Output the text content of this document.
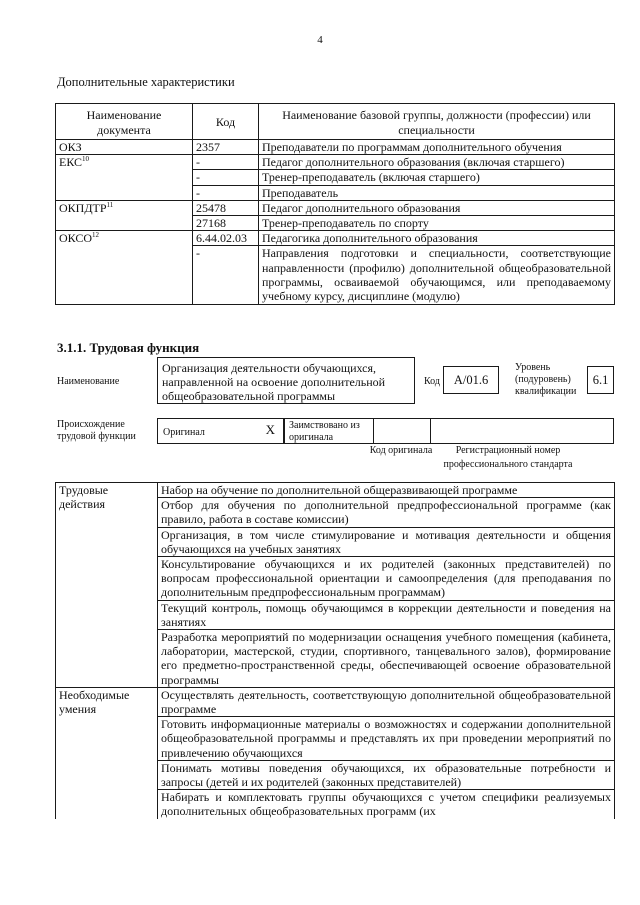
4
Дополнительные характеристики
Наименование документа	Код	Наименование базовой группы, должности (профессии) или специальности
ОКЗ	2357	Преподаватели по программам дополнительного обучения
ЕКС$^{10}$	-	Педагог дополнительного образования (включая старшего)
	-	Тренер-преподаватель (включая старшего)
	-	Преподаватель
ОКПДТР$^{11}$	25478	Педагог дополнительного образования
	27168	Тренер-преподаватель по спорту
ОКСО$^{12}$	6.44.02.03	Педагогика дополнительного образования
	-	Направления подготовки и специальности, соответствующие направленности (профилю) дополнительной общеобразовательной программы, осваиваемой обучающимся, или преподаваемому учебному курсу, дисциплине (модулю)
3.1.1. Трудовая функция
Наименование
Организация деятельности обучающихся, направленной на освоение дополнительной общеобразовательной программы
Код	A/01.6
Уровень (подуровень) квалификации
6.1
Происхождение трудовой функции	Оригинал	X	Заимствовано из оригинала
Код оригинала	Регистрационный номер профессионального стандарта
Трудовые действия	Набор на обучение по дополнительной общеразвивающей программе
	Отбор для обучения по дополнительной предпрофессиональной программе (как правило, работа в составе комиссии)
	Организация, в том числе стимулирование и мотивация деятельности и общения обучающихся на учебных занятиях
	Консультирование обучающихся и их родителей (законных представителей) по вопросам профессиональной ориентации и самоопределения (для преподавания по дополнительным предпрофессиональным программам)
	Текущий контроль, помощь обучающимся в коррекции деятельности и поведения на занятиях
	Разработка мероприятий по модернизации оснащения учебного помещения (кабинета, лаборатории, мастерской, студии, спортивного, танцевального залов), формирование его предметно-пространственной среды, обеспечивающей освоение образовательной программы
Необходимые умения	Осуществлять деятельность, соответствующую дополнительной общеобразовательной программе
	Готовить информационные материалы о возможностях и содержании дополнительной общеобразовательной программы и представлять их при проведении мероприятий по привлечению обучающихся
	Понимать мотивы поведения обучающихся, их образовательные потребности и запросы (детей и их родителей (законных представителей)
	Набирать и комплектовать группы обучающихся с учетом специфики реализуемых дополнительных общеобразовательных программ (их
